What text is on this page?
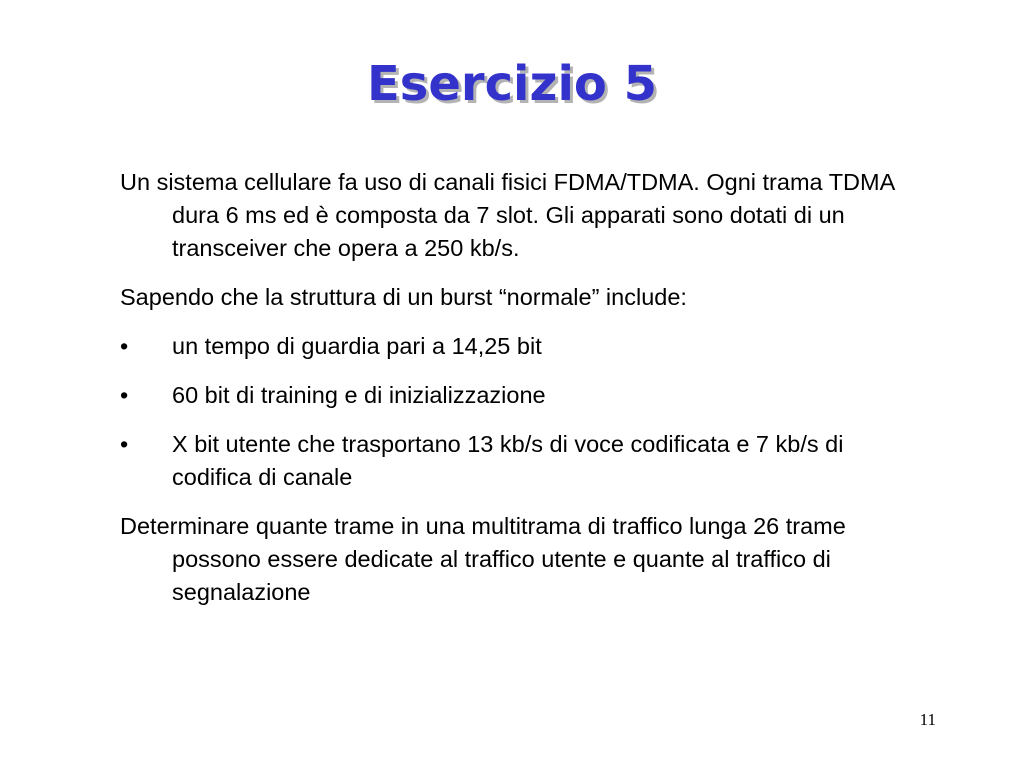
Esercizio 5

Un sistema cellulare fa uso di canali fisici FDMA/TDMA. Ogni trama TDMA dura 6 ms ed è composta da 7 slot. Gli apparati sono dotati di un transceiver che opera a 250 kb/s.

Sapendo che la struttura di un burst “normale” include:

•	un tempo di guardia pari a 14,25 bit
•	60 bit di training e di inizializzazione
•	X bit utente che trasportano 13 kb/s di voce codificata e 7 kb/s di codifica di canale

Determinare quante trame in una multitrama di traffico lunga 26 trame possono essere dedicate al traffico utente e quante al traffico di segnalazione

11
